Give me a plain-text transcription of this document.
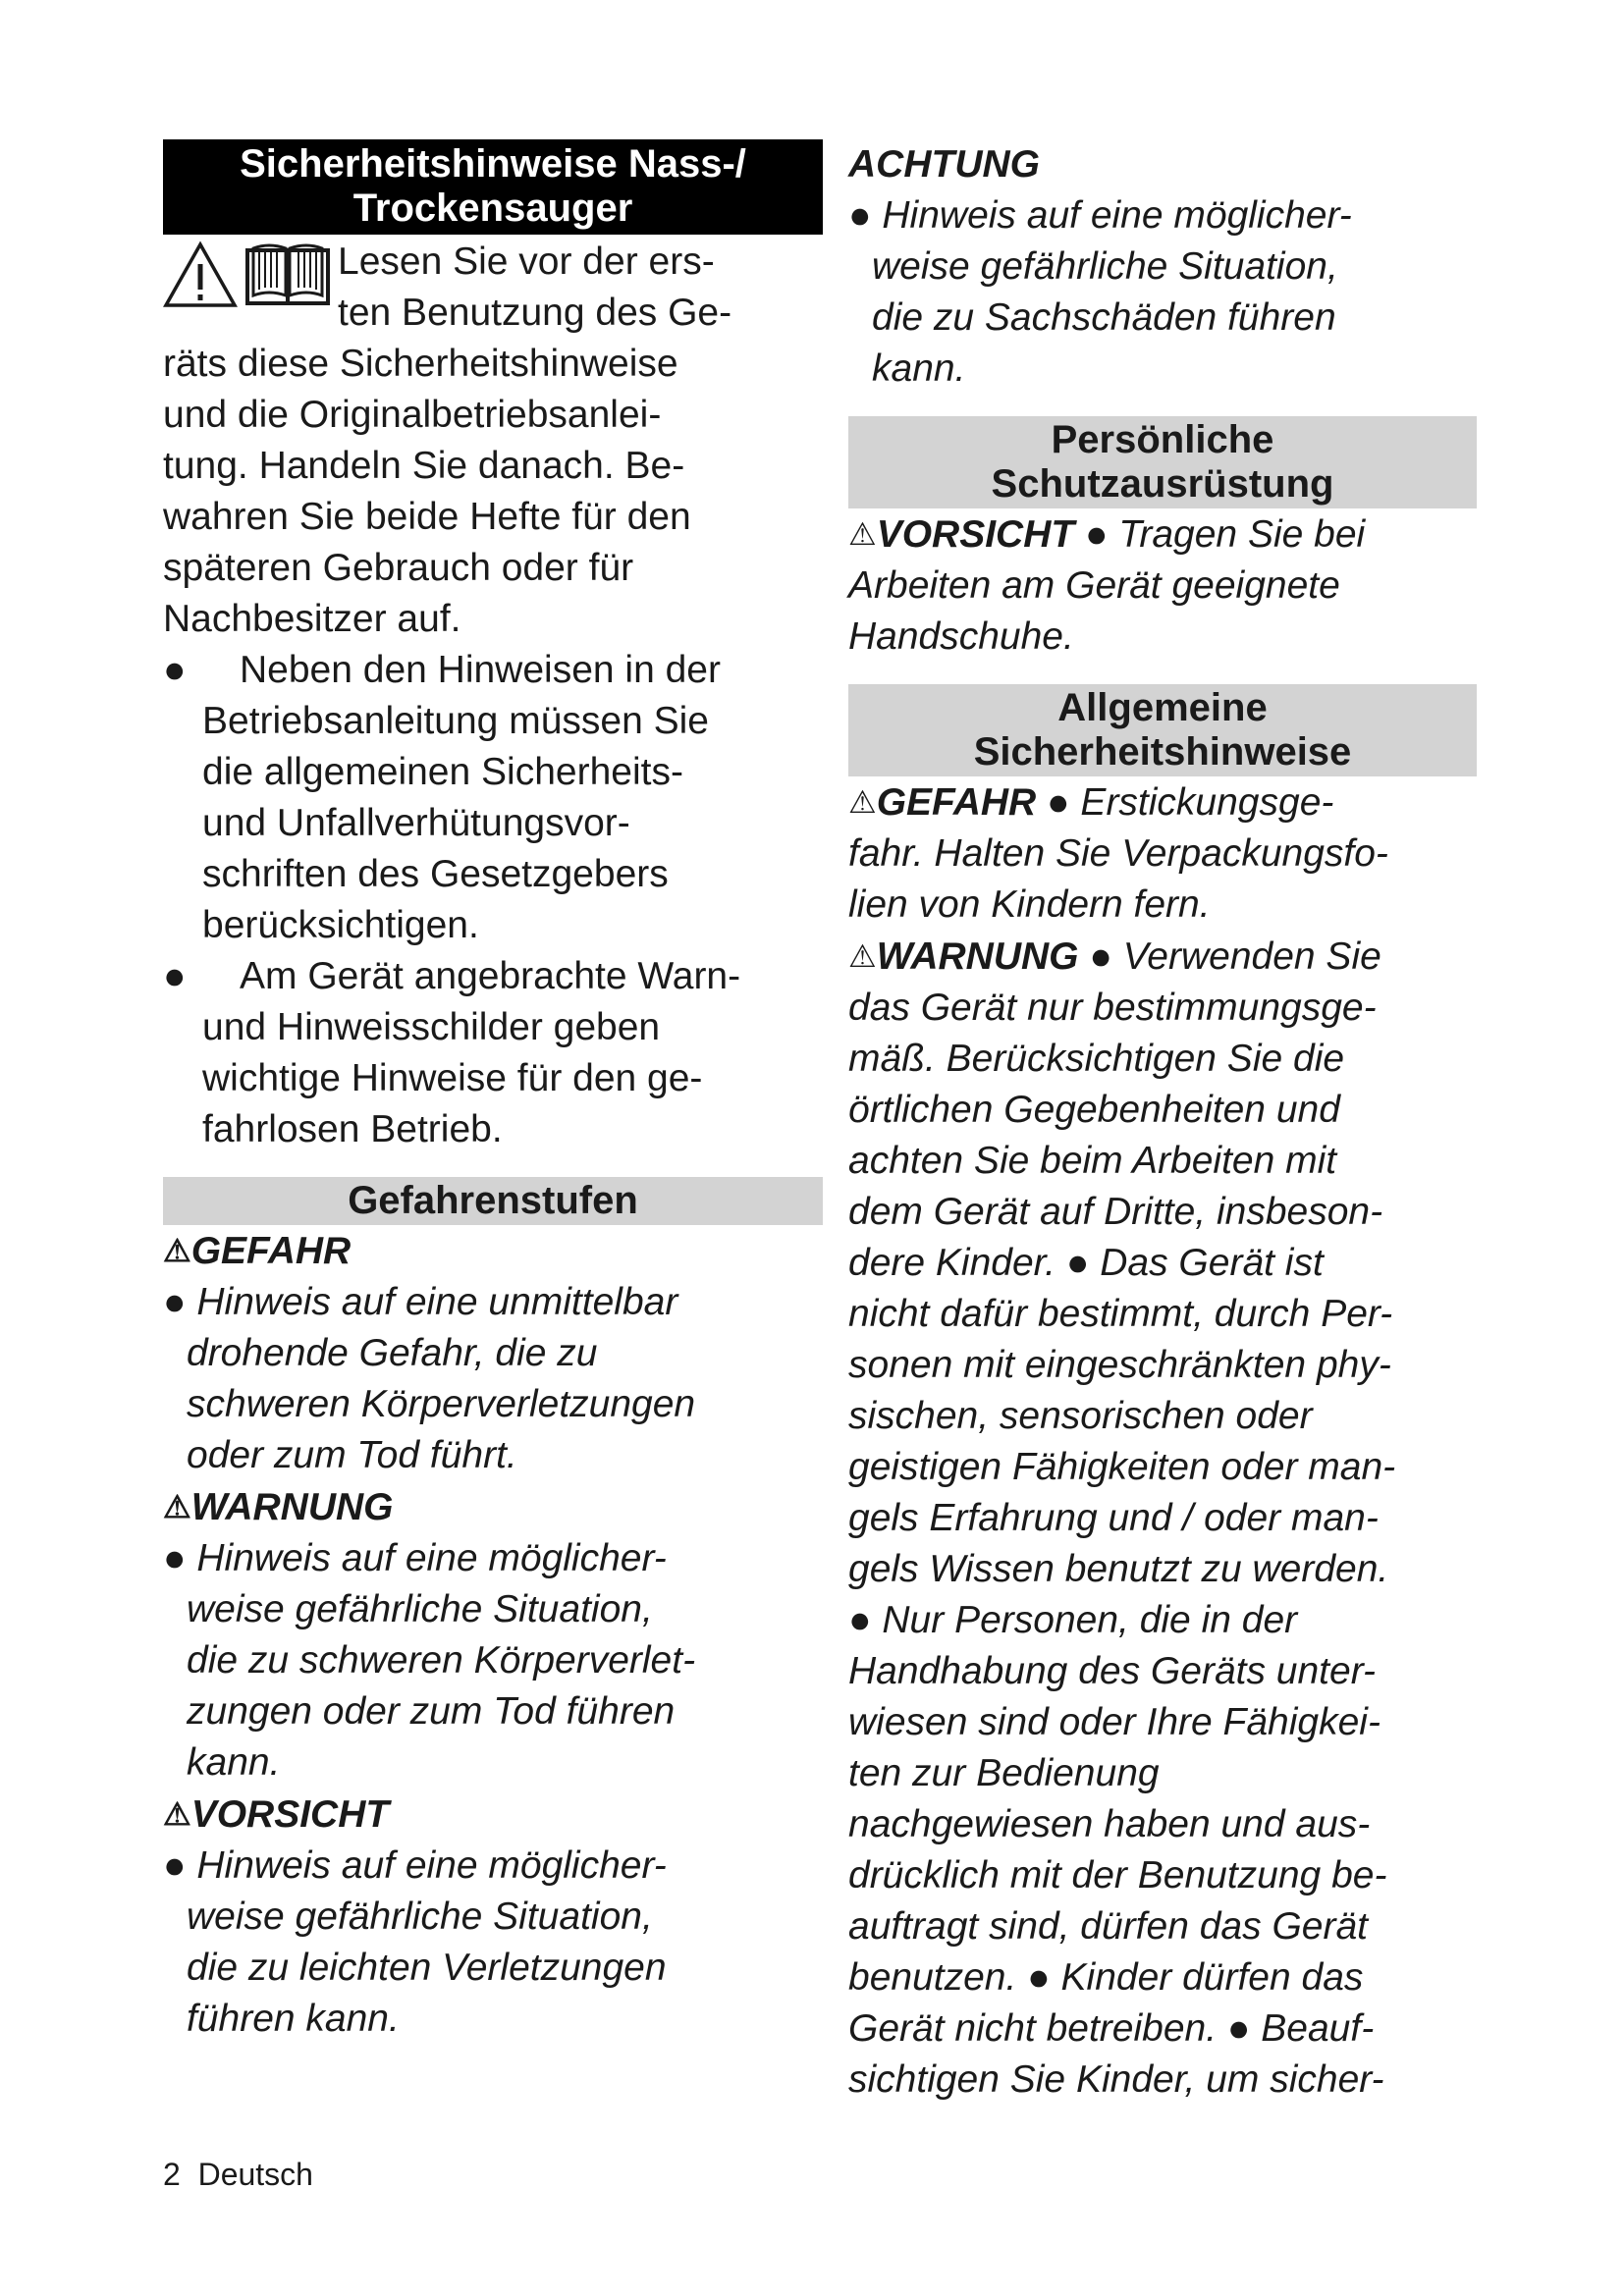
Sicherheitshinweise Nass-/
Trockensauger
Lesen Sie vor der ers-
ten Benutzung des Ge-
räts diese Sicherheitshinweise
und die Originalbetriebsanlei-
tung. Handeln Sie danach. Be-
wahren Sie beide Hefte für den
späteren Gebrauch oder für
Nachbesitzer auf.
●	Neben den Hinweisen in der
Betriebsanleitung müssen Sie
die allgemeinen Sicherheits-
und Unfallverhütungsvor-
schriften des Gesetzgebers
berücksichtigen.
●	Am Gerät angebrachte Warn-
und Hinweisschilder geben
wichtige Hinweise für den ge-
fahrlosen Betrieb.
Gefahrenstufen
⚠GEFAHR
● Hinweis auf eine unmittelbar
drohende Gefahr, die zu
schweren Körperverletzungen
oder zum Tod führt.
⚠WARNUNG
● Hinweis auf eine möglicher-
weise gefährliche Situation,
die zu schweren Körperverlet-
zungen oder zum Tod führen
kann.
⚠VORSICHT
● Hinweis auf eine möglicher-
weise gefährliche Situation,
die zu leichten Verletzungen
führen kann.
ACHTUNG
● Hinweis auf eine möglicher-
weise gefährliche Situation,
die zu Sachschäden führen
kann.
Persönliche
Schutzausrüstung
⚠VORSICHT ● Tragen Sie bei
Arbeiten am Gerät geeignete
Handschuhe.
Allgemeine
Sicherheitshinweise
⚠GEFAHR ● Erstickungsge-
fahr. Halten Sie Verpackungsfo-
lien von Kindern fern.
⚠WARNUNG ● Verwenden Sie
das Gerät nur bestimmungsge-
mäß. Berücksichtigen Sie die
örtlichen Gegebenheiten und
achten Sie beim Arbeiten mit
dem Gerät auf Dritte, insbeson-
dere Kinder. ● Das Gerät ist
nicht dafür bestimmt, durch Per-
sonen mit eingeschränkten phy-
sischen, sensorischen oder
geistigen Fähigkeiten oder man-
gels Erfahrung und / oder man-
gels Wissen benutzt zu werden.
● Nur Personen, die in der
Handhabung des Geräts unter-
wiesen sind oder Ihre Fähigkei-
ten zur Bedienung
nachgewiesen haben und aus-
drücklich mit der Benutzung be-
auftragt sind, dürfen das Gerät
benutzen. ● Kinder dürfen das
Gerät nicht betreiben. ● Beauf-
sichtigen Sie Kinder, um sicher-
2 Deutsch
